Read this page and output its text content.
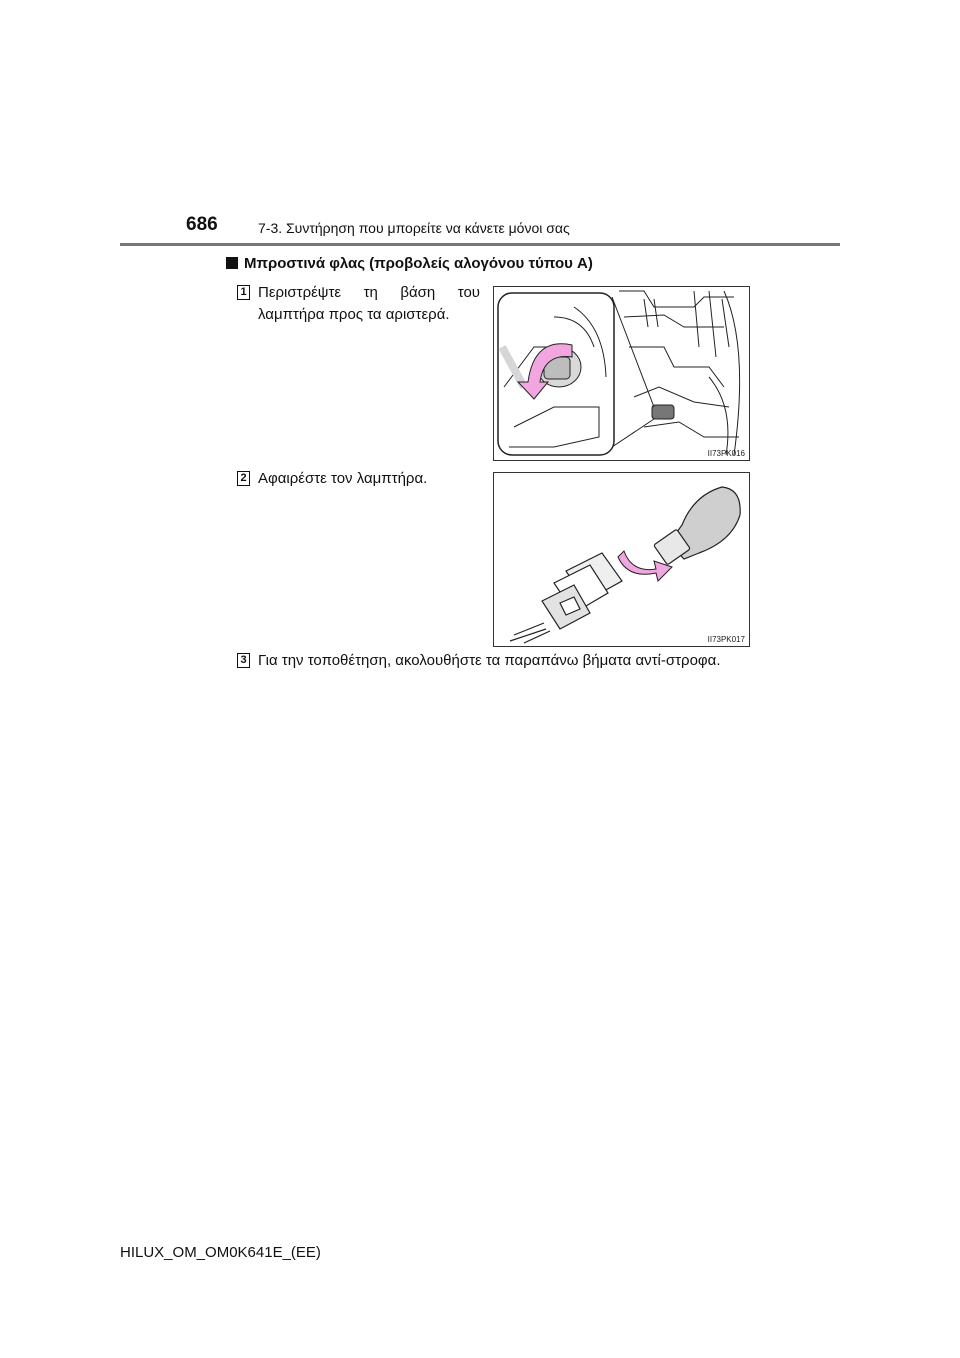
686	7-3. Συντήρηση που μπορείτε να κάνετε μόνοι σας
Μπροστινά φλας (προβολείς αλογόνου τύπου A)
1 Περιστρέψτε τη βάση του λαμπτήρα προς τα αριστερά.
II73PK016
2 Αφαιρέστε τον λαμπτήρα.
II73PK017
3 Για την τοποθέτηση, ακολουθήστε τα παραπάνω βήματα αντί-στροφα.
HILUX_OM_OM0K641E_(EE)
